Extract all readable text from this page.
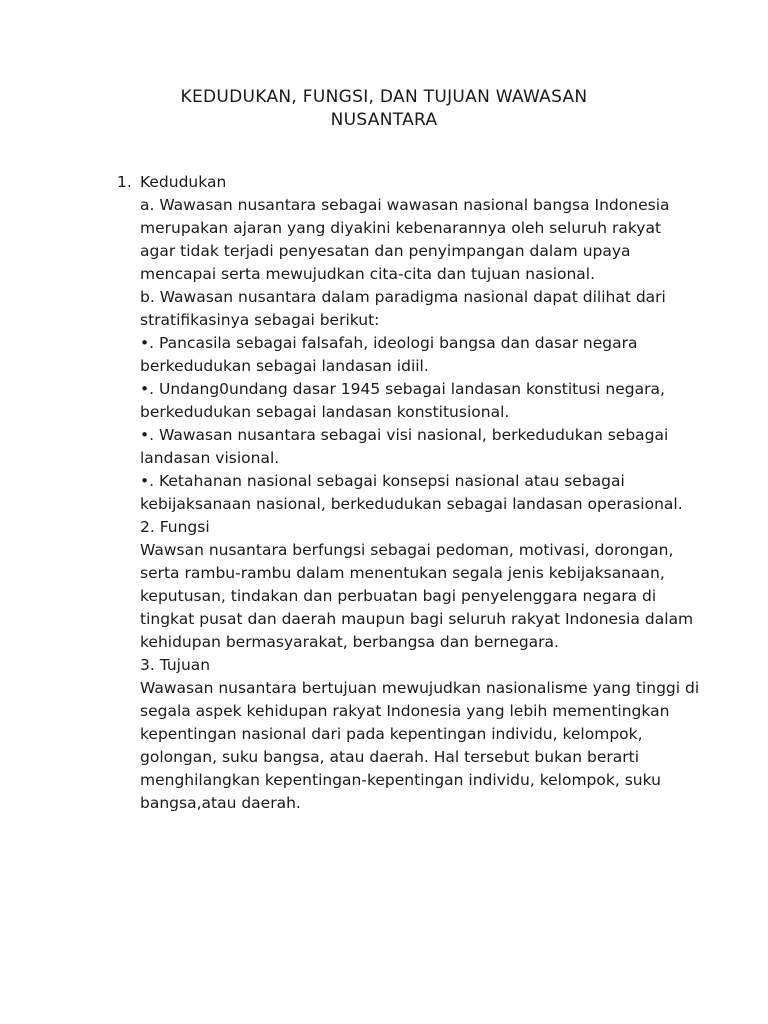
KEDUDUKAN, FUNGSI, DAN TUJUAN WAWASAN
NUSANTARA
1. Kedudukan

a. Wawasan nusantara sebagai wawasan nasional bangsa Indonesia merupakan ajaran yang diyakini kebenarannya oleh seluruh rakyat agar tidak terjadi penyesatan dan penyimpangan dalam upaya mencapai serta mewujudkan cita-cita dan tujuan nasional.

b. Wawasan nusantara dalam paradigma nasional dapat dilihat dari stratifikasinya sebagai berikut:

•. Pancasila sebagai falsafah, ideologi bangsa dan dasar negara berkedudukan sebagai landasan idiil.

•. Undang0undang dasar 1945 sebagai landasan konstitusi negara, berkedudukan sebagai landasan konstitusional.

•. Wawasan nusantara sebagai visi nasional, berkedudukan sebagai landasan visional.

•. Ketahanan nasional sebagai konsepsi nasional atau sebagai kebijaksanaan nasional, berkedudukan sebagai landasan operasional.

2. Fungsi

Wawsan nusantara berfungsi sebagai pedoman, motivasi, dorongan, serta rambu-rambu dalam menentukan segala jenis kebijaksanaan, keputusan, tindakan dan perbuatan bagi penyelenggara negara di tingkat pusat dan daerah maupun bagi seluruh rakyat Indonesia dalam kehidupan bermasyarakat, berbangsa dan bernegara.

3. Tujuan

Wawasan nusantara bertujuan mewujudkan nasionalisme yang tinggi di segala aspek kehidupan rakyat Indonesia yang lebih mementingkan kepentingan nasional dari pada kepentingan individu, kelompok, golongan, suku bangsa, atau daerah. Hal tersebut bukan berarti menghilangkan kepentingan-kepentingan individu, kelompok, suku bangsa,atau daerah.
